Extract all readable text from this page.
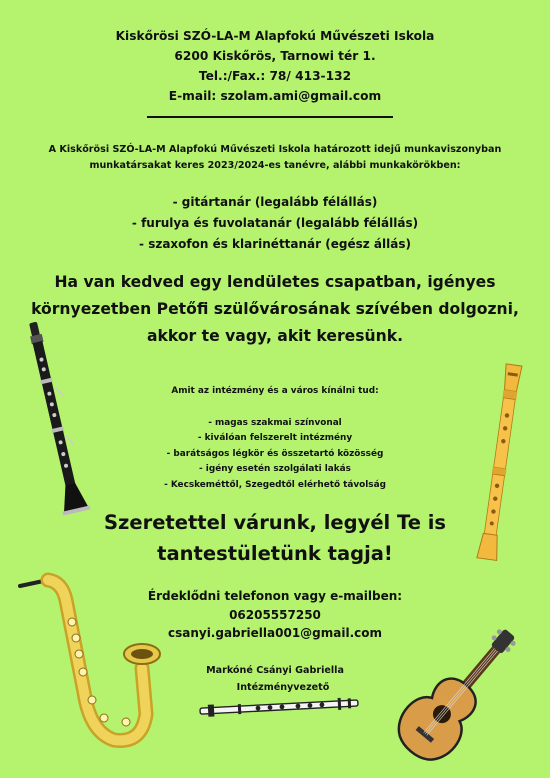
Kiskőrösi SZÓ-LA-M Alapfokú Művészeti Iskola
6200 Kiskőrös, Tarnowi tér 1.
Tel.:/Fax.: 78/ 413-132
E-mail: szolam.ami@gmail.com
A Kiskőrösi SZÓ-LA-M Alapfokú Művészeti Iskola határozott idejű munkaviszonyban
munkatársakat keres 2023/2024-es tanévre, alábbi munkakörökben:
- gitártanár (legalább félállás)
- furulya és fuvolatanár (legalább félállás)
- szaxofon és klarinéttanár (egész állás)
Ha van kedved egy lendületes csapatban, igényes
környezetben Petőfi szülővárosának szívében dolgozni,
akkor te vagy, akit keresünk.
Amit az intézmény és a város kínálni tud:
- magas szakmai színvonal
- kiválóan felszerelt intézmény
- barátságos légkör és összetartó közösség
- igény esetén szolgálati lakás
- Kecskeméttől, Szegedtől elérhető távolság
Szeretettel várunk, legyél Te is
tantestületünk tagja!
Érdeklődni telefonon vagy e-mailben:
06205557250
csanyi.gabriella001@gmail.com
Markóné Csányi Gabriella
Intézményvezető
